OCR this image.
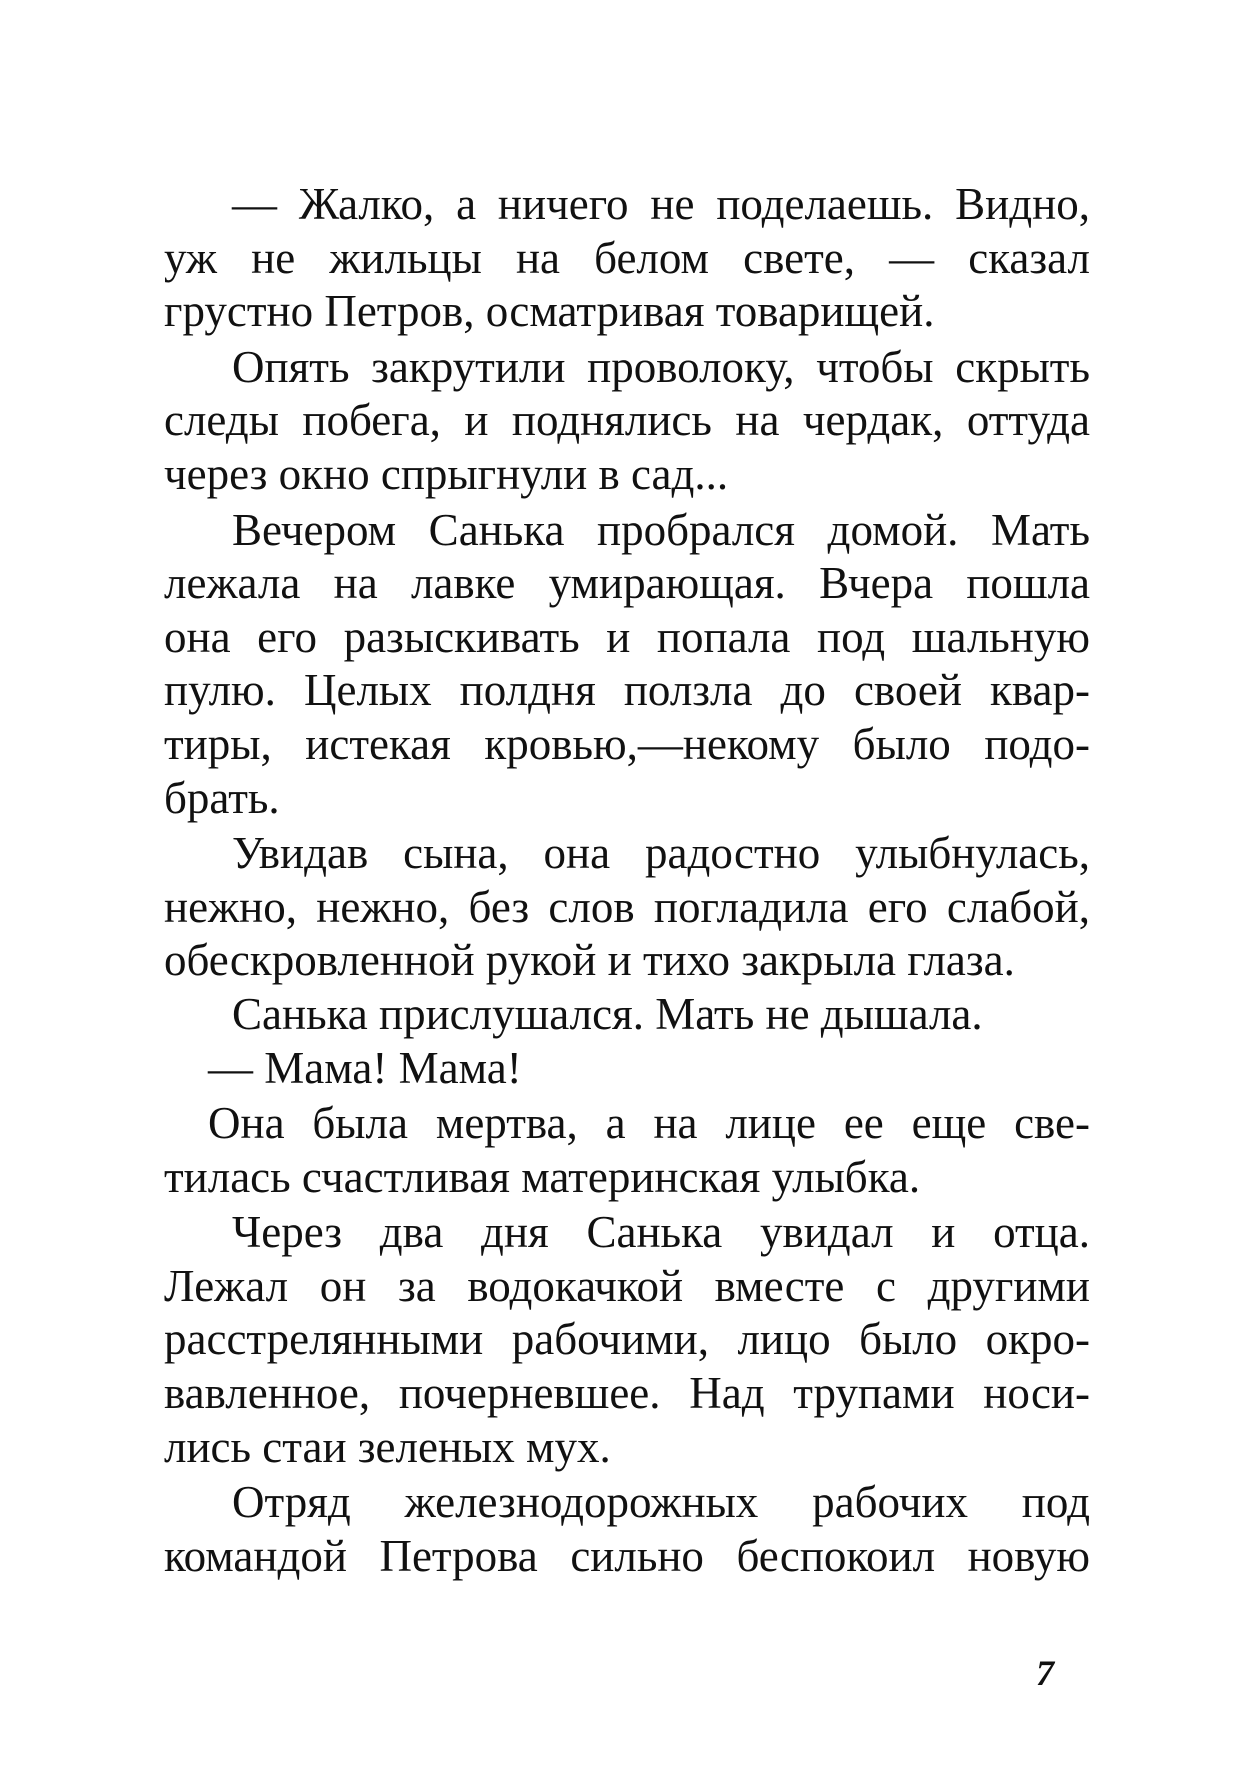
— Жалко, а ничего не поделаешь. Видно,
уж не жильцы на белом свете, — сказал
грустно Петров, осматривая товарищей.
Опять закрутили проволоку, чтобы скрыть
следы побега, и поднялись на чердак, оттуда
через окно спрыгнули в сад...
Вечером Санька пробрался домой. Мать
лежала на лавке умирающая. Вчера пошла
она его разыскивать и попала под шальную
пулю. Целых полдня ползла до своей квар-
тиры, истекая кровью,—некому было подо-
брать.
Увидав сына, она радостно улыбнулась,
нежно, нежно, без слов погладила его слабой,
обескровленной рукой и тихо закрыла глаза.
Санька прислушался. Мать не дышала.
— Мама! Мама!
Она была мертва, а на лице ее еще све-
тилась счастливая материнская улыбка.
Через два дня Санька увидал и отца.
Лежал он за водокачкой вместе с другими
расстрелянными рабочими, лицо было окро-
вавленное, почерневшее. Над трупами носи-
лись стаи зеленых мух.
Отряд железнодорожных рабочих под
командой Петрова сильно беспокоил новую
7
